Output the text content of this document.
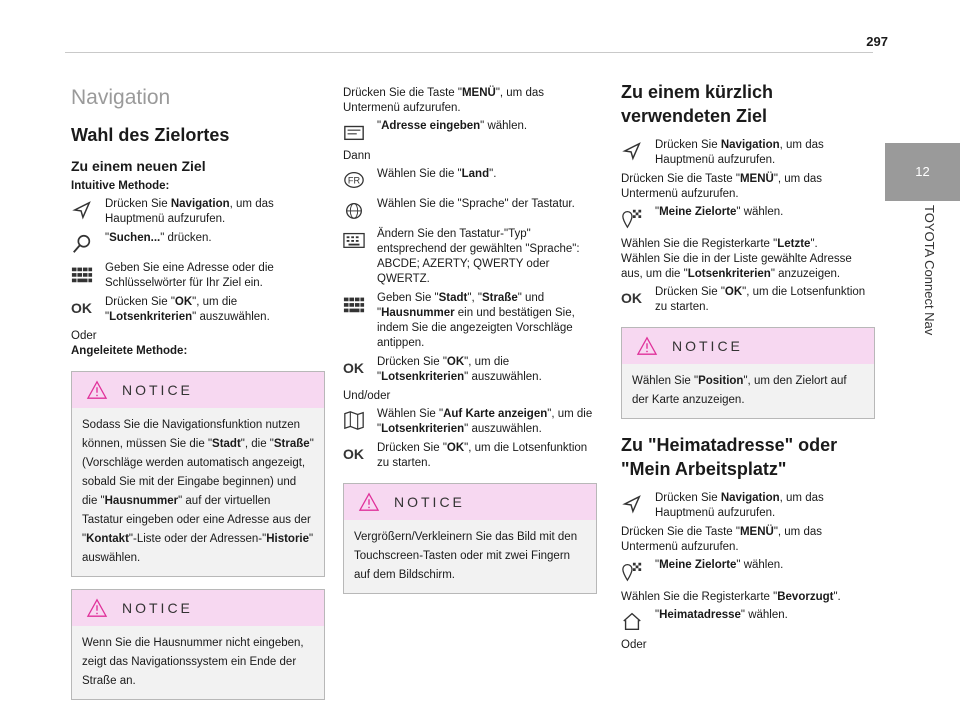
297
12
TOYOTA Connect Nav
Navigation
Wahl des Zielortes
Zu einem neuen Ziel
Intuitive Methode:
Drücken Sie Navigation, um das Hauptmenü aufzurufen.
"Suchen..." drücken.
Geben Sie eine Adresse oder die Schlüsselwörter für Ihr Ziel ein.
OK	Drücken Sie "OK", um die "Lotsenkriterien" auszuwählen.
Oder
Angeleitete Methode:
NOTICE
Sodass Sie die Navigationsfunktion nutzen können, müssen Sie die "Stadt", die "Straße" (Vorschläge werden automatisch angezeigt, sobald Sie mit der Eingabe beginnen) und die "Hausnummer" auf der virtuellen Tastatur eingeben oder eine Adresse aus der "Kontakt"-Liste oder der Adressen-"Historie" auswählen.
NOTICE
Wenn Sie die Hausnummer nicht eingeben, zeigt das Navigationssystem ein Ende der Straße an.
Drücken Sie die Taste "MENÜ", um das Untermenü aufzurufen.
"Adresse eingeben" wählen.
Dann
FR
Wählen Sie die "Land".
Wählen Sie die "Sprache" der Tastatur.
Ändern Sie den Tastatur-"Typ" entsprechend der gewählten "Sprache": ABCDE; AZERTY; QWERTY oder QWERTZ.
Geben Sie "Stadt", "Straße" und "Hausnummer ein und bestätigen Sie, indem Sie die angezeigten Vorschläge antippen.
OK	Drücken Sie "OK", um die "Lotsenkriterien" auszuwählen.
Und/oder
Wählen Sie "Auf Karte anzeigen", um die "Lotsenkriterien" auszuwählen.
OK	Drücken Sie "OK", um die Lotsenfunktion zu starten.
NOTICE
Vergrößern/Verkleinern Sie das Bild mit den Touchscreen-Tasten oder mit zwei Fingern auf dem Bildschirm.
Zu einem kürzlich verwendeten Ziel
Drücken Sie Navigation, um das Hauptmenü aufzurufen.
Drücken Sie die Taste "MENÜ", um das Untermenü aufzurufen.
"Meine Zielorte" wählen.
Wählen Sie die Registerkarte "Letzte".
Wählen Sie die in der Liste gewählte Adresse aus, um die "Lotsenkriterien" anzuzeigen.
OK	Drücken Sie "OK", um die Lotsenfunktion zu starten.
NOTICE
Wählen Sie "Position", um den Zielort auf der Karte anzuzeigen.
Zu "Heimatadresse" oder "Mein Arbeitsplatz"
Drücken Sie Navigation, um das Hauptmenü aufzurufen.
Drücken Sie die Taste "MENÜ", um das Untermenü aufzurufen.
"Meine Zielorte" wählen.
Wählen Sie die Registerkarte "Bevorzugt".
"Heimatadresse" wählen.
Oder
